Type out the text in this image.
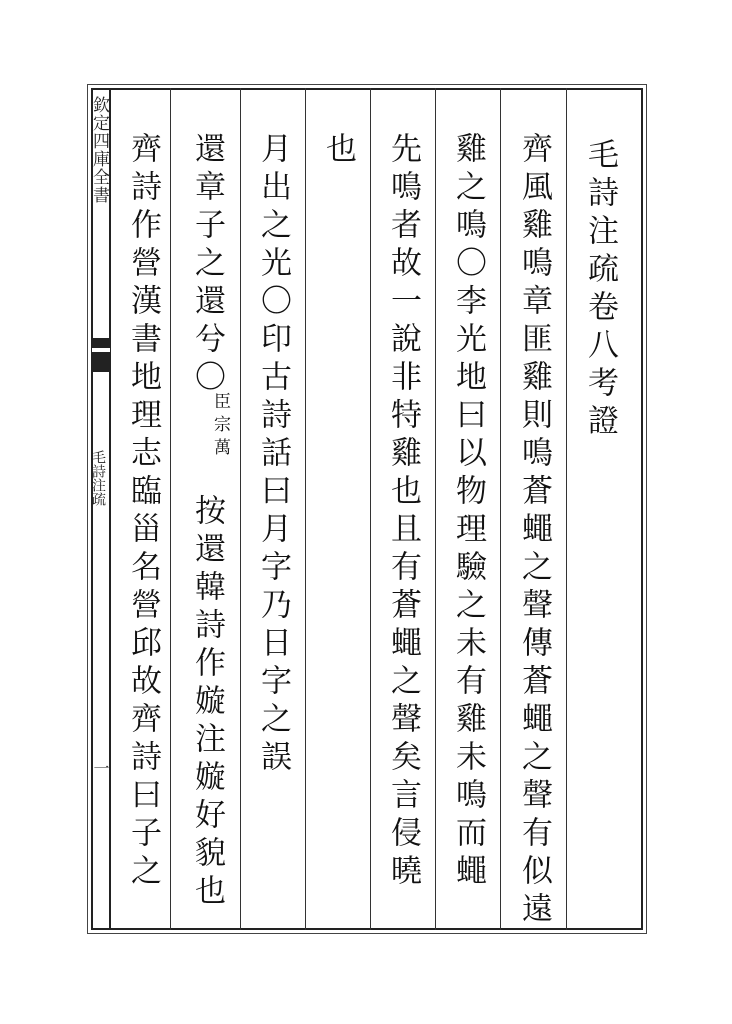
欽定四庫全書
毛詩注疏
一
毛詩注疏卷八考證
齊風雞鳴章匪雞則鳴蒼蠅之聲傳蒼蠅之聲有似遠
雞之鳴〇李光地曰以物理驗之未有雞未鳴而蠅
先鳴者故一說非特雞也且有蒼蠅之聲矣言侵曉
也
月出之光〇印古詩話曰月字乃日字之誤
還章子之還兮〇
臣宗萬
按還韓詩作嫙注嫙好貌也
齊詩作營漢書地理志臨甾名營邱故齊詩曰子之
